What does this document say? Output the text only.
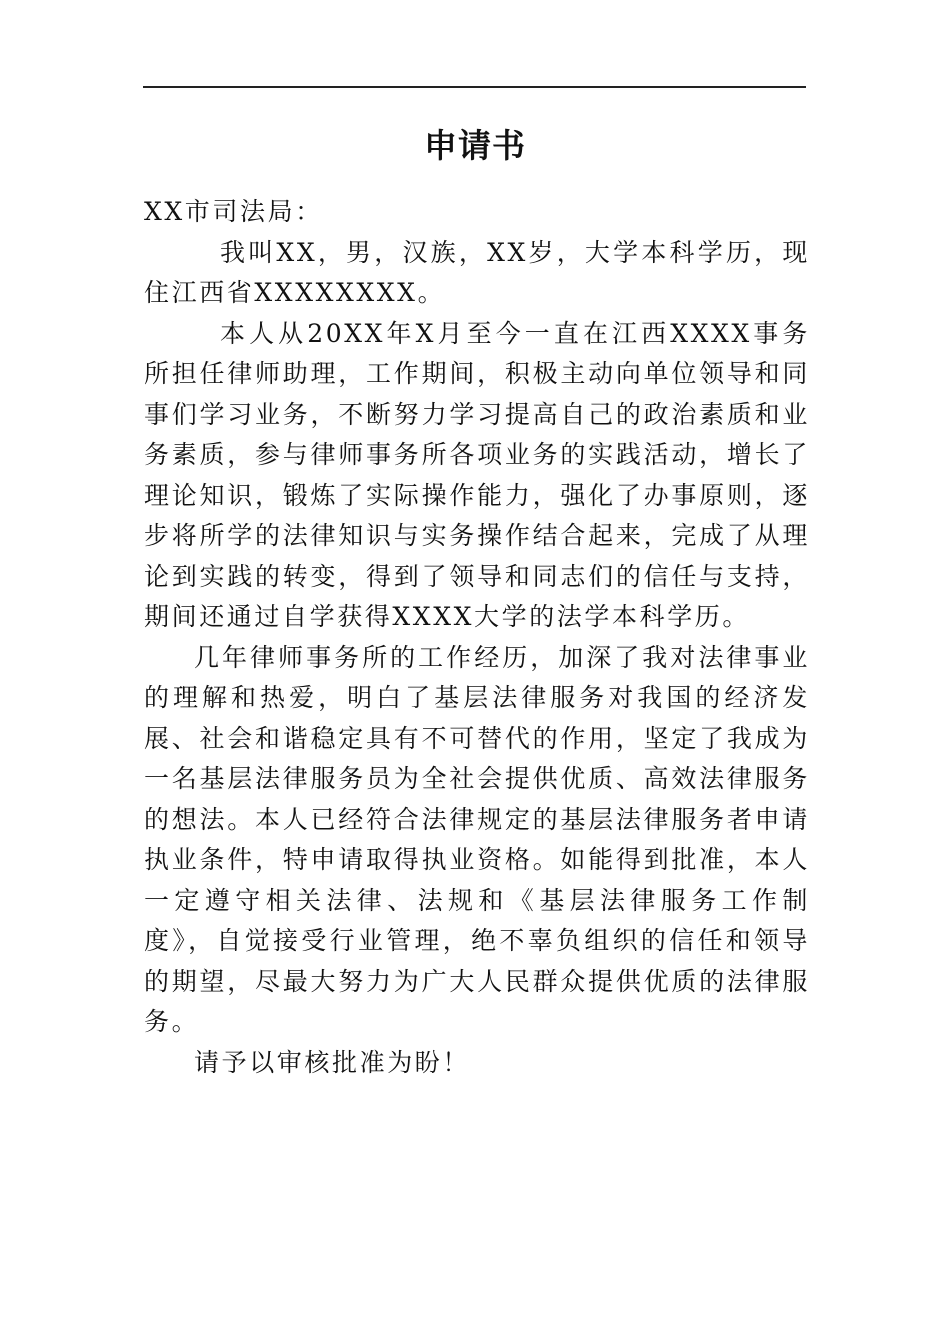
申请书

XX市司法局：

我叫XX，男，汉族，XX岁，大学本科学历，现住江西省XXXXXXXX。

本人从20XX年X月至今一直在江西XXXX事务所担任律师助理，工作期间，积极主动向单位领导和同事们学习业务，不断努力学习提高自己的政治素质和业务素质，参与律师事务所各项业务的实践活动，增长了理论知识，锻炼了实际操作能力，强化了办事原则，逐步将所学的法律知识与实务操作结合起来，完成了从理论到实践的转变，得到了领导和同志们的信任与支持，期间还通过自学获得XXXX大学的法学本科学历。

几年律师事务所的工作经历，加深了我对法律事业的理解和热爱，明白了基层法律服务对我国的经济发展、社会和谐稳定具有不可替代的作用，坚定了我成为一名基层法律服务员为全社会提供优质、高效法律服务的想法。本人已经符合法律规定的基层法律服务者申请执业条件，特申请取得执业资格。如能得到批准，本人一定遵守相关法律、法规和《基层法律服务工作制度》，自觉接受行业管理，绝不辜负组织的信任和领导的期望，尽最大努力为广大人民群众提供优质的法律服务。

请予以审核批准为盼！
